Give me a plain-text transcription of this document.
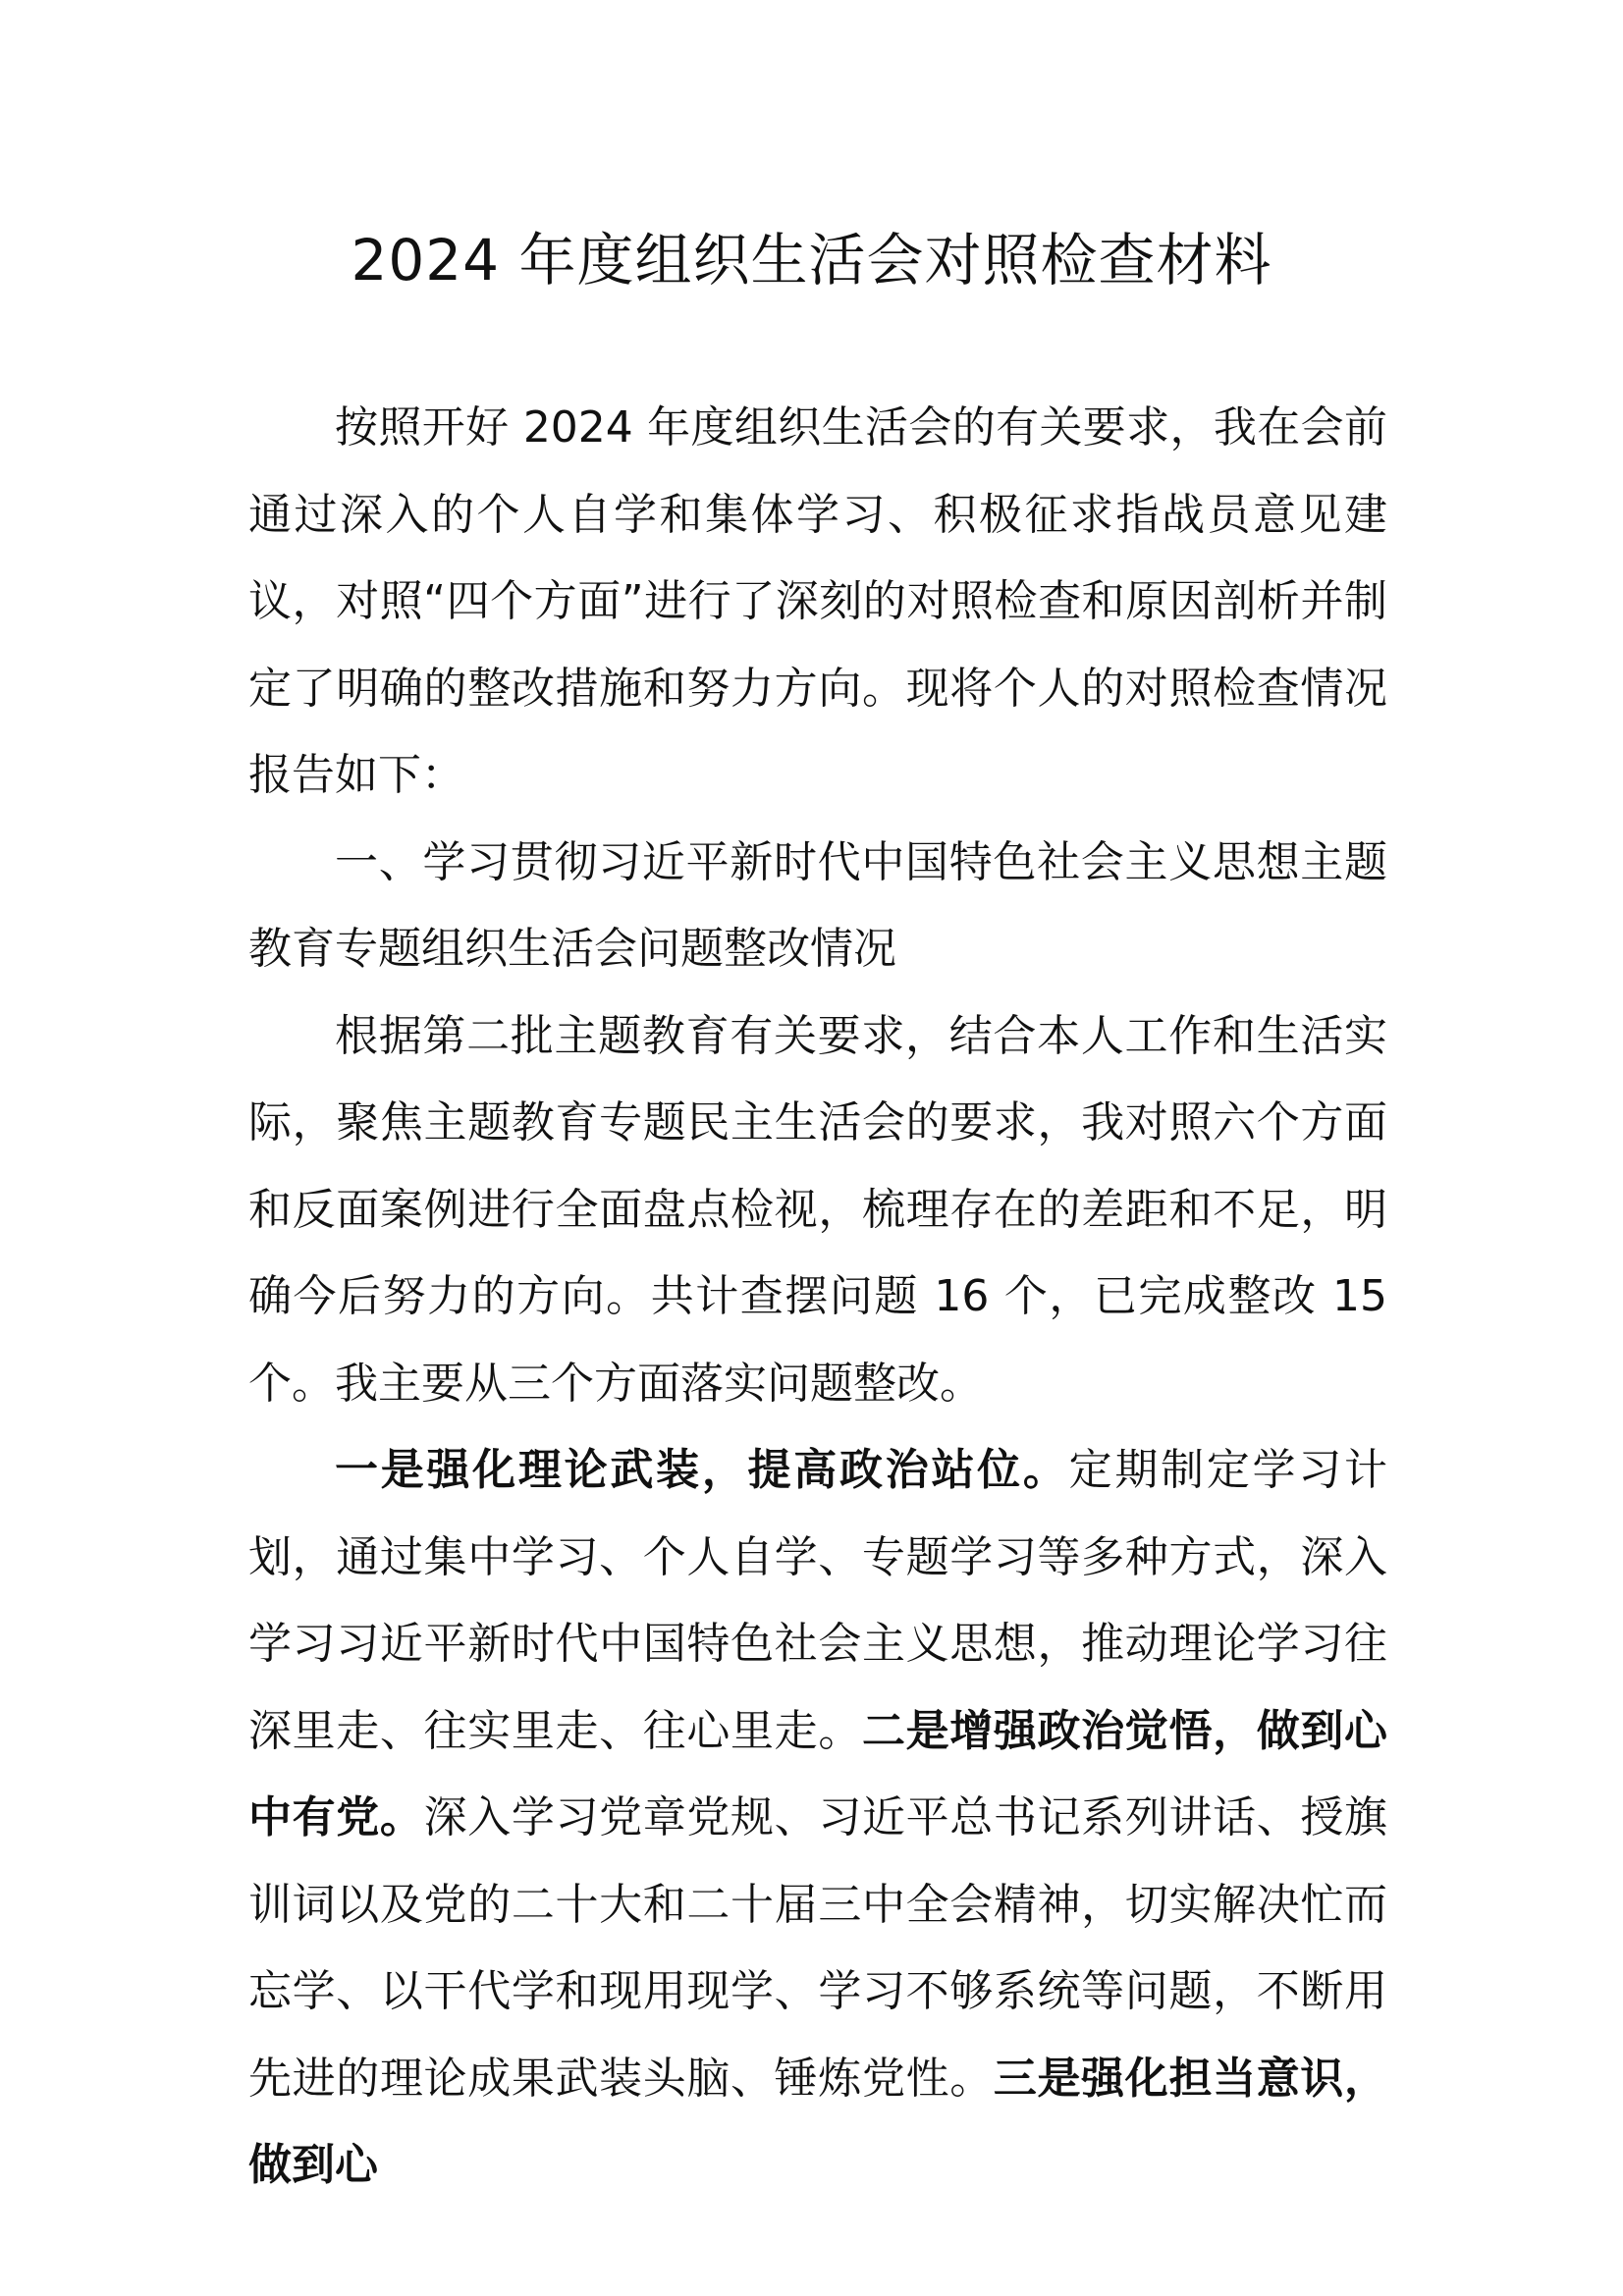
2024 年度组织生活会对照检查材料

按照开好 2024 年度组织生活会的有关要求，我在会前通过深入的个人自学和集体学习、积极征求指战员意见建议，对照“四个方面”进行了深刻的对照检查和原因剖析并制定了明确的整改措施和努力方向。现将个人的对照检查情况报告如下：

一、学习贯彻习近平新时代中国特色社会主义思想主题教育专题组织生活会问题整改情况

根据第二批主题教育有关要求，结合本人工作和生活实际，聚焦主题教育专题民主生活会的要求，我对照六个方面和反面案例进行全面盘点检视，梳理存在的差距和不足，明确今后努力的方向。共计查摆问题 16 个，已完成整改 15 个。我主要从三个方面落实问题整改。

一是强化理论武装，提高政治站位。定期制定学习计划，通过集中学习、个人自学、专题学习等多种方式，深入学习习近平新时代中国特色社会主义思想，推动理论学习往深里走、往实里走、往心里走。二是增强政治觉悟，做到心中有党。深入学习党章党规、习近平总书记系列讲话、授旗训词以及党的二十大和二十届三中全会精神，切实解决忙而忘学、以干代学和现用现学、学习不够系统等问题，不断用先进的理论成果武装头脑、锤炼党性。三是强化担当意识，做到心
